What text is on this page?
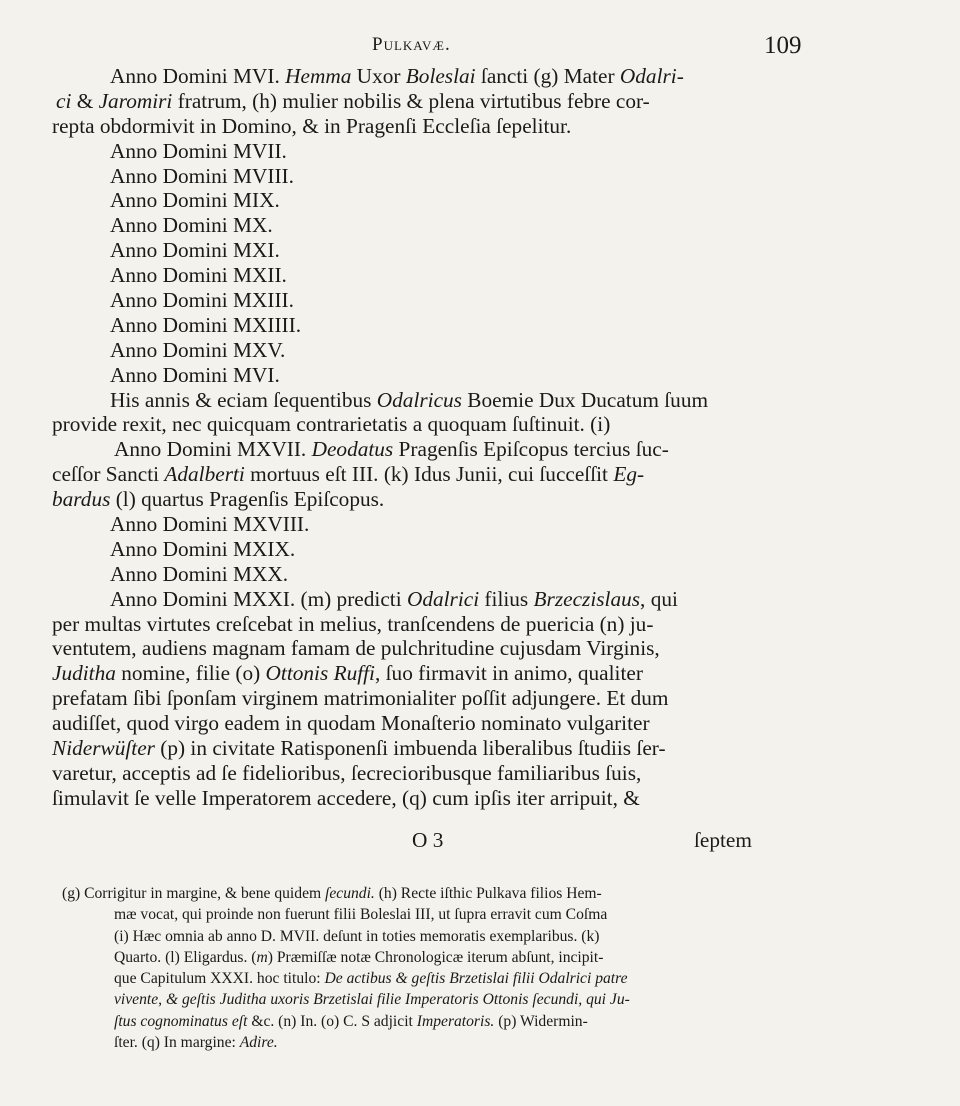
Pulkavæ.	109
Anno Domini MVI. Hemma Uxor Boleslai ſancti (g) Mater Odalri-
ci & Jaromiri fratrum, (h) mulier nobilis & plena virtutibus febre cor-
repta obdormivit in Domino, & in Pragenſi Eccleſia ſepelitur.
Anno Domini MVII.
Anno Domini MVIII.
Anno Domini MIX.
Anno Domini MX.
Anno Domini MXI.
Anno Domini MXII.
Anno Domini MXIII.
Anno Domini MXIIII.
Anno Domini MXV.
Anno Domini MVI.
His annis & eciam ſequentibus Odalricus Boemie Dux Ducatum ſuum
provide rexit, nec quicquam contrarietatis a quoquam ſuſtinuit. (i)
Anno Domini MXVII. Deodatus Pragenſis Epiſcopus tercius ſuc-
ceſſor Sancti Adalberti mortuus eſt III. (k) Idus Junii, cui ſucceſſit Eg-
bardus (l) quartus Pragenſis Epiſcopus.
Anno Domini MXVIII.
Anno Domini MXIX.
Anno Domini MXX.
Anno Domini MXXI. (m) predicti Odalrici filius Brzeczislaus, qui
per multas virtutes creſcebat in melius, tranſcendens de puericia (n) ju-
ventutem, audiens magnam famam de pulchritudine cujusdam Virginis,
Juditha nomine, filie (o) Ottonis Ruffi, ſuo firmavit in animo, qualiter
prefatam ſibi ſponſam virginem matrimonialiter poſſit adjungere. Et dum
audiſſet, quod virgo eadem in quodam Monaſterio nominato vulgariter
Niderwüſter (p) in civitate Ratisponenſi imbuenda liberalibus ſtudiis ſer-
varetur, acceptis ad ſe fidelioribus, ſecrecioribusque familiaribus ſuis,
ſimulavit ſe velle Imperatorem accedere, (q) cum ipſis iter arripuit, &
O 3	ſeptem
(g) Corrigitur in margine, & bene quidem ſecundi. (h) Recte iſthic Pulkava filios Hem-
mæ vocat, qui proinde non fuerunt filii Boleslai III, ut ſupra erravit cum Coſma
(i) Hæc omnia ab anno D. MVII. deſunt in toties memoratis exemplaribus. (k)
Quarto. (l) Eligardus. (m) Præmiſſæ notæ Chronologicæ iterum abſunt, incipit-
que Capitulum XXXI. hoc titulo: De actibus & geſtis Brzetislai filii Odalrici patre
vivente, & geſtis Juditha uxoris Brzetislai filie Imperatoris Ottonis ſecundi, qui Ju-
ſtus cognominatus eſt &c. (n) In. (o) C. S adjicit Imperatoris. (p) Widermin-
ſter. (q) In margine: Adire.
